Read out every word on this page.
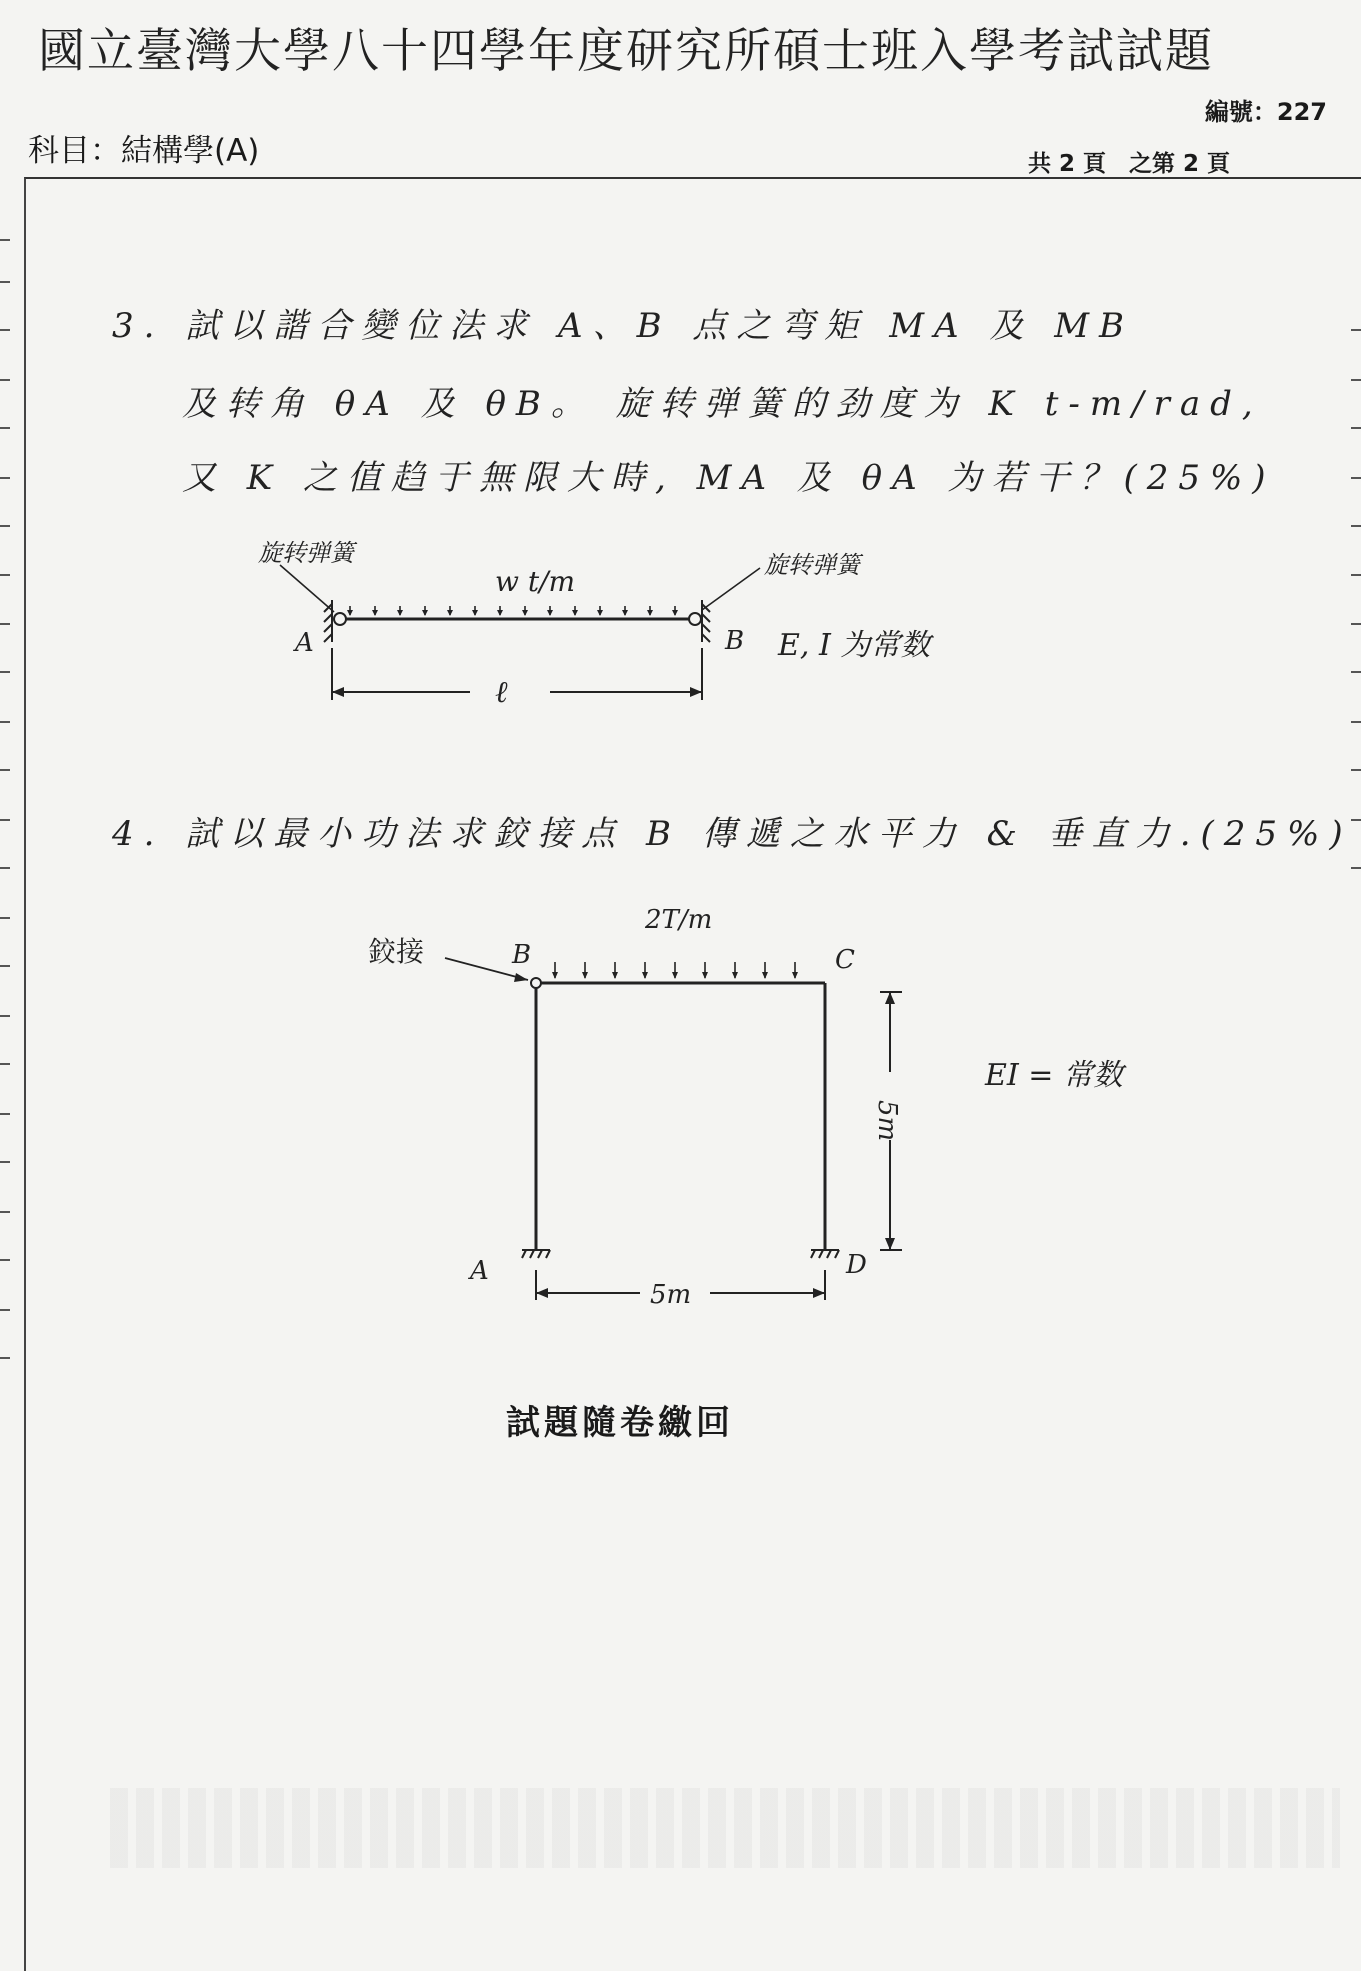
國立臺灣大學八十四學年度研究所碩士班入學考試試題
編號：227
科目：結構學(A)	共 2 頁　之第 2 頁
3. 試以諧合變位法求 A、B 点之弯矩 MA 及 MB
及转角 θA 及 θB。 旋转弹簧的劲度为 K t-m/rad,
又 K 之值趋于無限大時, MA 及 θA 为若干？(25%)
旋转弹簧	旋转弹簧
w t/m
A	B E, I 为常数
ℓ
4. 試以最小功法求鉸接点 B 傳遞之水平力 & 垂直力.(25%)
鉸接
2T/m
B	C
A	D
5m
5m
EI = 常数
試題隨卷繳回
